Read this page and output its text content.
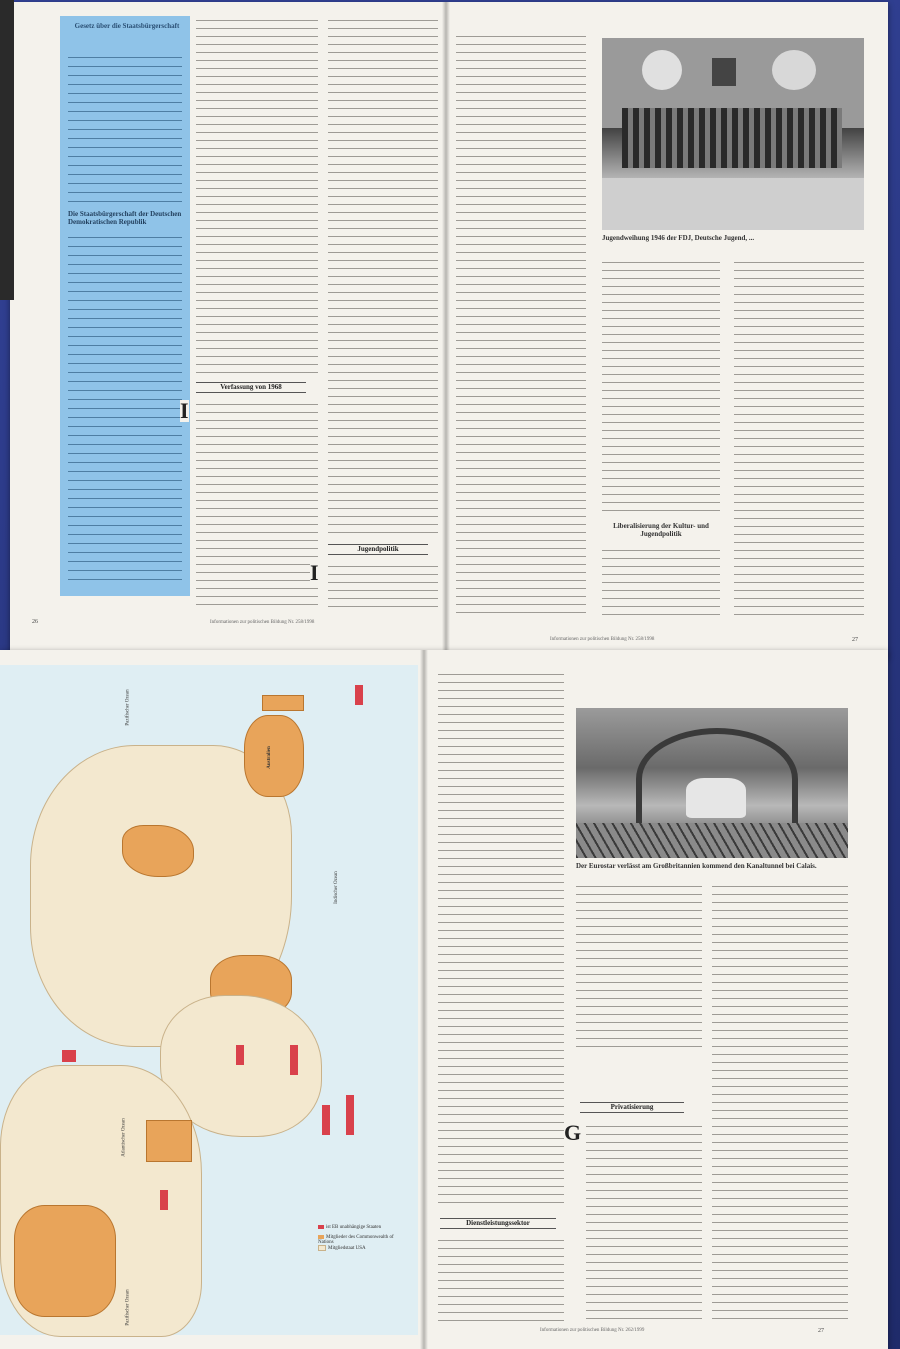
Gesetz über die Staatsbürgerschaft
Die Staatsbürgerschaft der Deutschen Demokratischen Republik
Verfassung von 1968
I
Jugendpolitik
I
26	Informationen zur politischen Bildung Nr. 258/1998
Jugendweihung 1946 der FDJ, Deutsche Jugend, ...
Liberalisierung der Kultur- und Jugendpolitik
Informationen zur politischen Bildung Nr. 258/1998	27
Pazifischer Ozean
Atlantischer Ozean
Indischer Ozean
Pazifischer Ozean
Australien
ist EB unabhängige Staaten
Mitglieder des Commonwealth of Nations
Mitgliedstaat USA
Dienstleistungssektor
Der Eurostar verlässt am Großbritannien kommend den Kanaltunnel bei Calais.
Privatisierung
G
Informationen zur politischen Bildung Nr. 262/1999	27
